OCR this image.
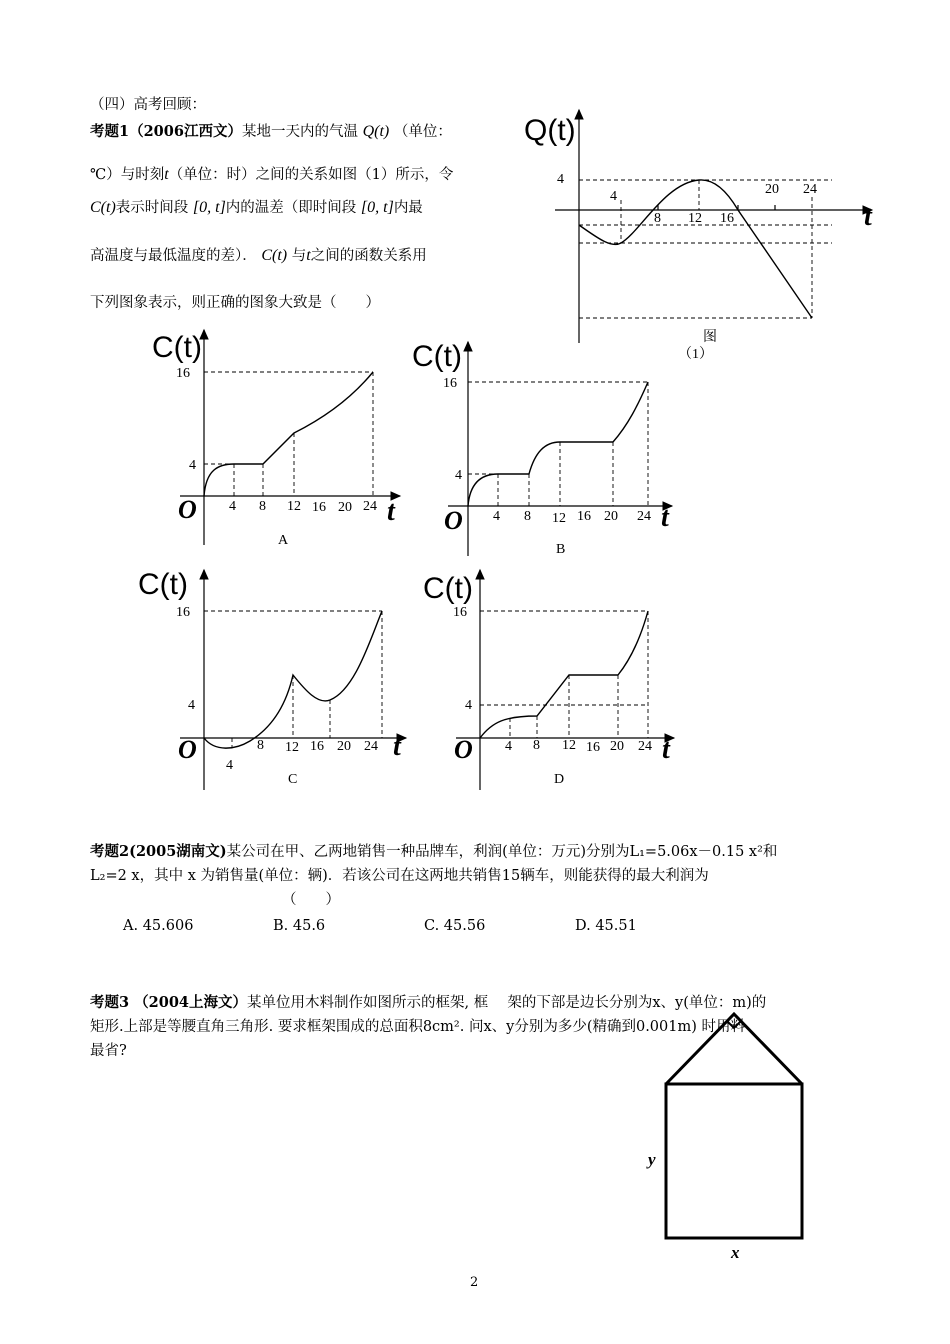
（四）高考回顾：
考题1（2006江西文）某地一天内的气温 Q(t) （单位：
℃）与时刻t（单位：时）之间的关系如图（1）所示，令
C(t)表示时间段 [0, t]内的温差（即时间段 [0, t]内最
高温度与最低温度的差）． C(t) 与t之间的函数关系用
下列图象表示，则正确的图象大致是（　　）
考题2(2005湖南文)某公司在甲、乙两地销售一种品牌车，利润(单位：万元)分别为L₁=5.06x－0.15 x²和
L₂=2 x，其中 x 为销售量(单位：辆)．若该公司在这两地共销售15辆车，则能获得的最大利润为
（　　）
A. 45.606	B. 45.6	C. 45.56	D. 45.51
考题3 （2004上海文）某单位用木料制作如图所示的框架, 框　 架的下部是边长分别为x、y(单位：m)的
矩形.上部是等腰直角三角形. 要求框架围成的总面积8cm². 问x、y分别为多少(精确到0.001m) 时用料
最省?
2
Q(t)
t
4
4
8 12 16
20 24
图
（1）
C(t)
O	t
16
4
4 8 12 16 20 24
A
C(t)
O	t
16
4
4 8 12 16 20 24
B
C(t)
O	t
16
4
4
8 12 16 20 24
C
C(t)
O	t
16
4
4 8 12 16 20 24
D
y
x
